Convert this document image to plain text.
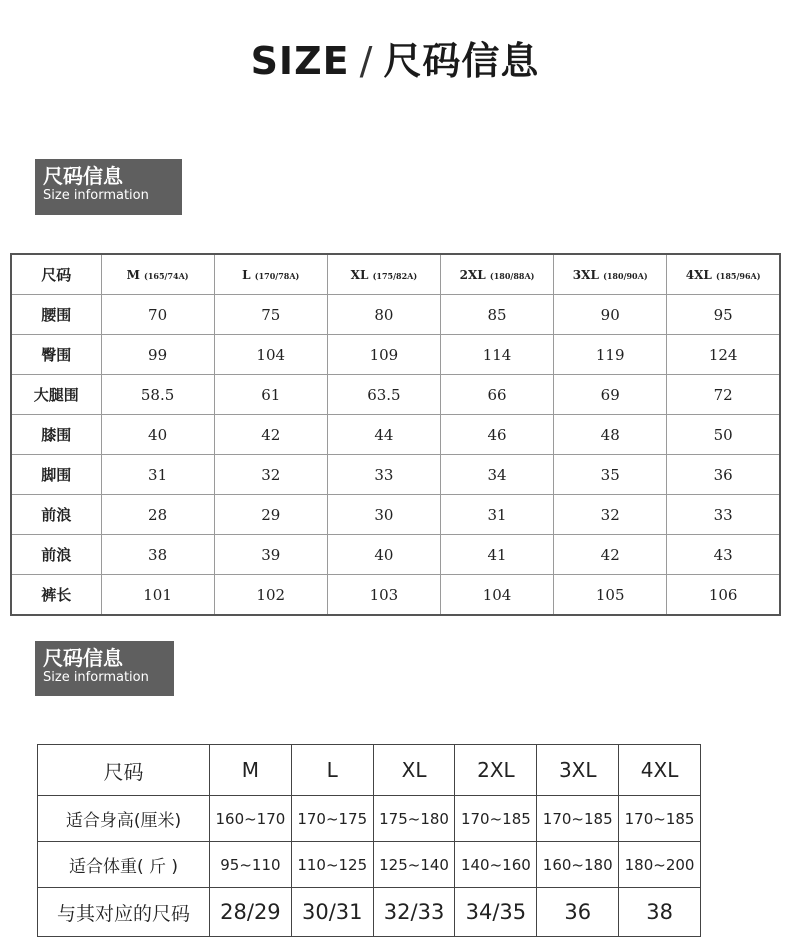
SIZE / 尺码信息
尺码信息
Size information
尺码	M (165/74A)	L (170/78A)	XL (175/82A)	2XL (180/88A)	3XL (180/90A)	4XL (185/96A)
腰围	70	75	80	85	90	95
臀围	99	104	109	114	119	124
大腿围	58.5	61	63.5	66	69	72
膝围	40	42	44	46	48	50
脚围	31	32	33	34	35	36
前浪	28	29	30	31	32	33
前浪	38	39	40	41	42	43
裤长	101	102	103	104	105	106
尺码信息
Size information
尺码	M	L	XL	2XL	3XL	4XL
适合身高(厘米)	160~170	170~175	175~180	170~185	170~185	170~185
适合体重( 斤 )	95~110	110~125	125~140	140~160	160~180	180~200
与其对应的尺码	28/29	30/31	32/33	34/35	36	38
